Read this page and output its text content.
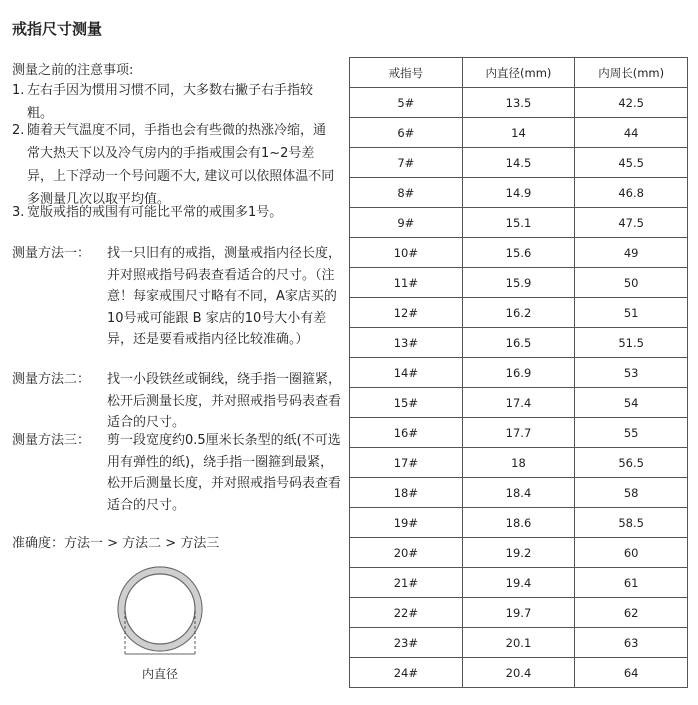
戒指尺寸测量
测量之前的注意事项:
1. 左右手因为惯用习惯不同，大多数右撇子右手指较粗。
2. 随着天气温度不同，手指也会有些微的热涨冷缩，通常大热天下以及冷气房内的手指戒围会有1~2号差异，上下浮动一个号问题不大, 建议可以依照体温不同多测量几次以取平均值。
3. 宽版戒指的戒围有可能比平常的戒围多1号。
测量方法一：	找一只旧有的戒指，测量戒指内径长度，并对照戒指号码表查看适合的尺寸。（注意！每家戒围尺寸略有不同，A家店买的10号戒可能跟 B 家店的10号大小有差异，还是要看戒指内径比较准确。）
测量方法二：	找一小段铁丝或铜线，绕手指一圈箍紧，松开后测量长度，并对照戒指号码表查看适合的尺寸。
测量方法三：	剪一段宽度约0.5厘米长条型的纸(不可选用有弹性的纸)，绕手指一圈箍到最紧，松开后测量长度，并对照戒指号码表查看适合的尺寸。
准确度：方法一 > 方法二 > 方法三
内直径
戒指号	内直径(mm)	内周长(mm)
5#	13.5	42.5
6#	14	44
7#	14.5	45.5
8#	14.9	46.8
9#	15.1	47.5
10#	15.6	49
11#	15.9	50
12#	16.2	51
13#	16.5	51.5
14#	16.9	53
15#	17.4	54
16#	17.7	55
17#	18	56.5
18#	18.4	58
19#	18.6	58.5
20#	19.2	60
21#	19.4	61
22#	19.7	62
23#	20.1	63
24#	20.4	64
